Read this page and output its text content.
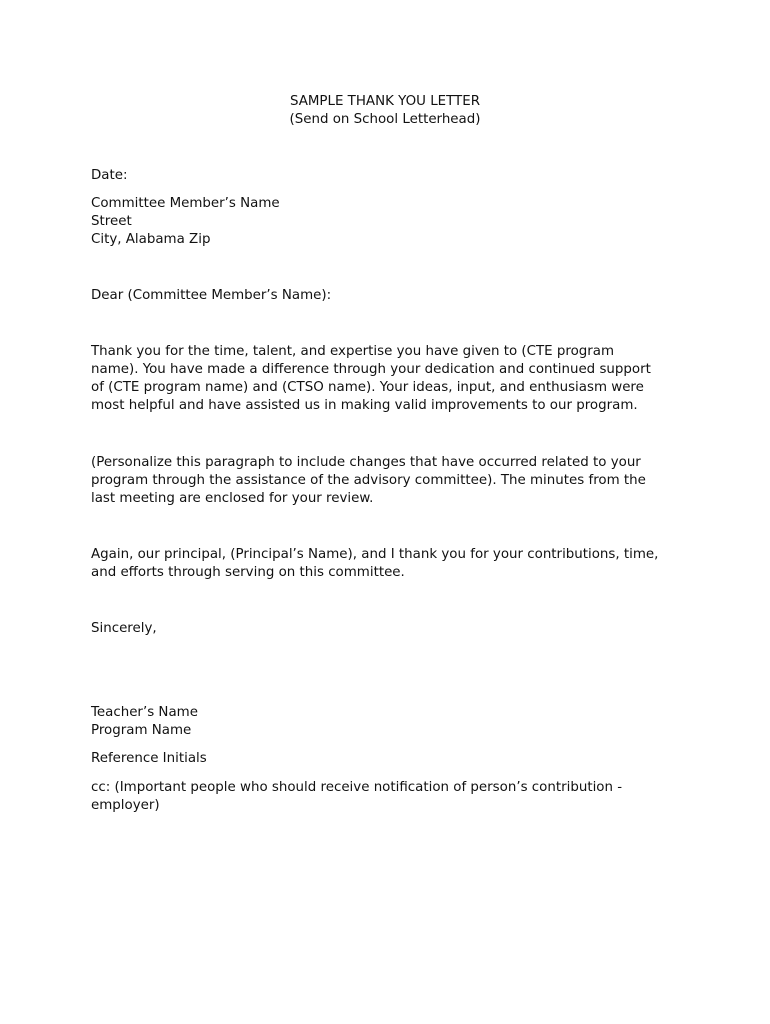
SAMPLE THANK YOU LETTER
(Send on School Letterhead)
Date:
Committee Member’s Name
Street
City, Alabama Zip
Dear (Committee Member’s Name):
Thank you for the time, talent, and expertise you have given to (CTE program
name). You have made a difference through your dedication and continued support
of (CTE program name) and (CTSO name). Your ideas, input, and enthusiasm were
most helpful and have assisted us in making valid improvements to our program.
(Personalize this paragraph to include changes that have occurred related to your
program through the assistance of the advisory committee). The minutes from the
last meeting are enclosed for your review.
Again, our principal, (Principal’s Name), and I thank you for your contributions, time,
and efforts through serving on this committee.
Sincerely,
Teacher’s Name
Program Name
Reference Initials
cc: (Important people who should receive notification of person’s contribution -
employer)
